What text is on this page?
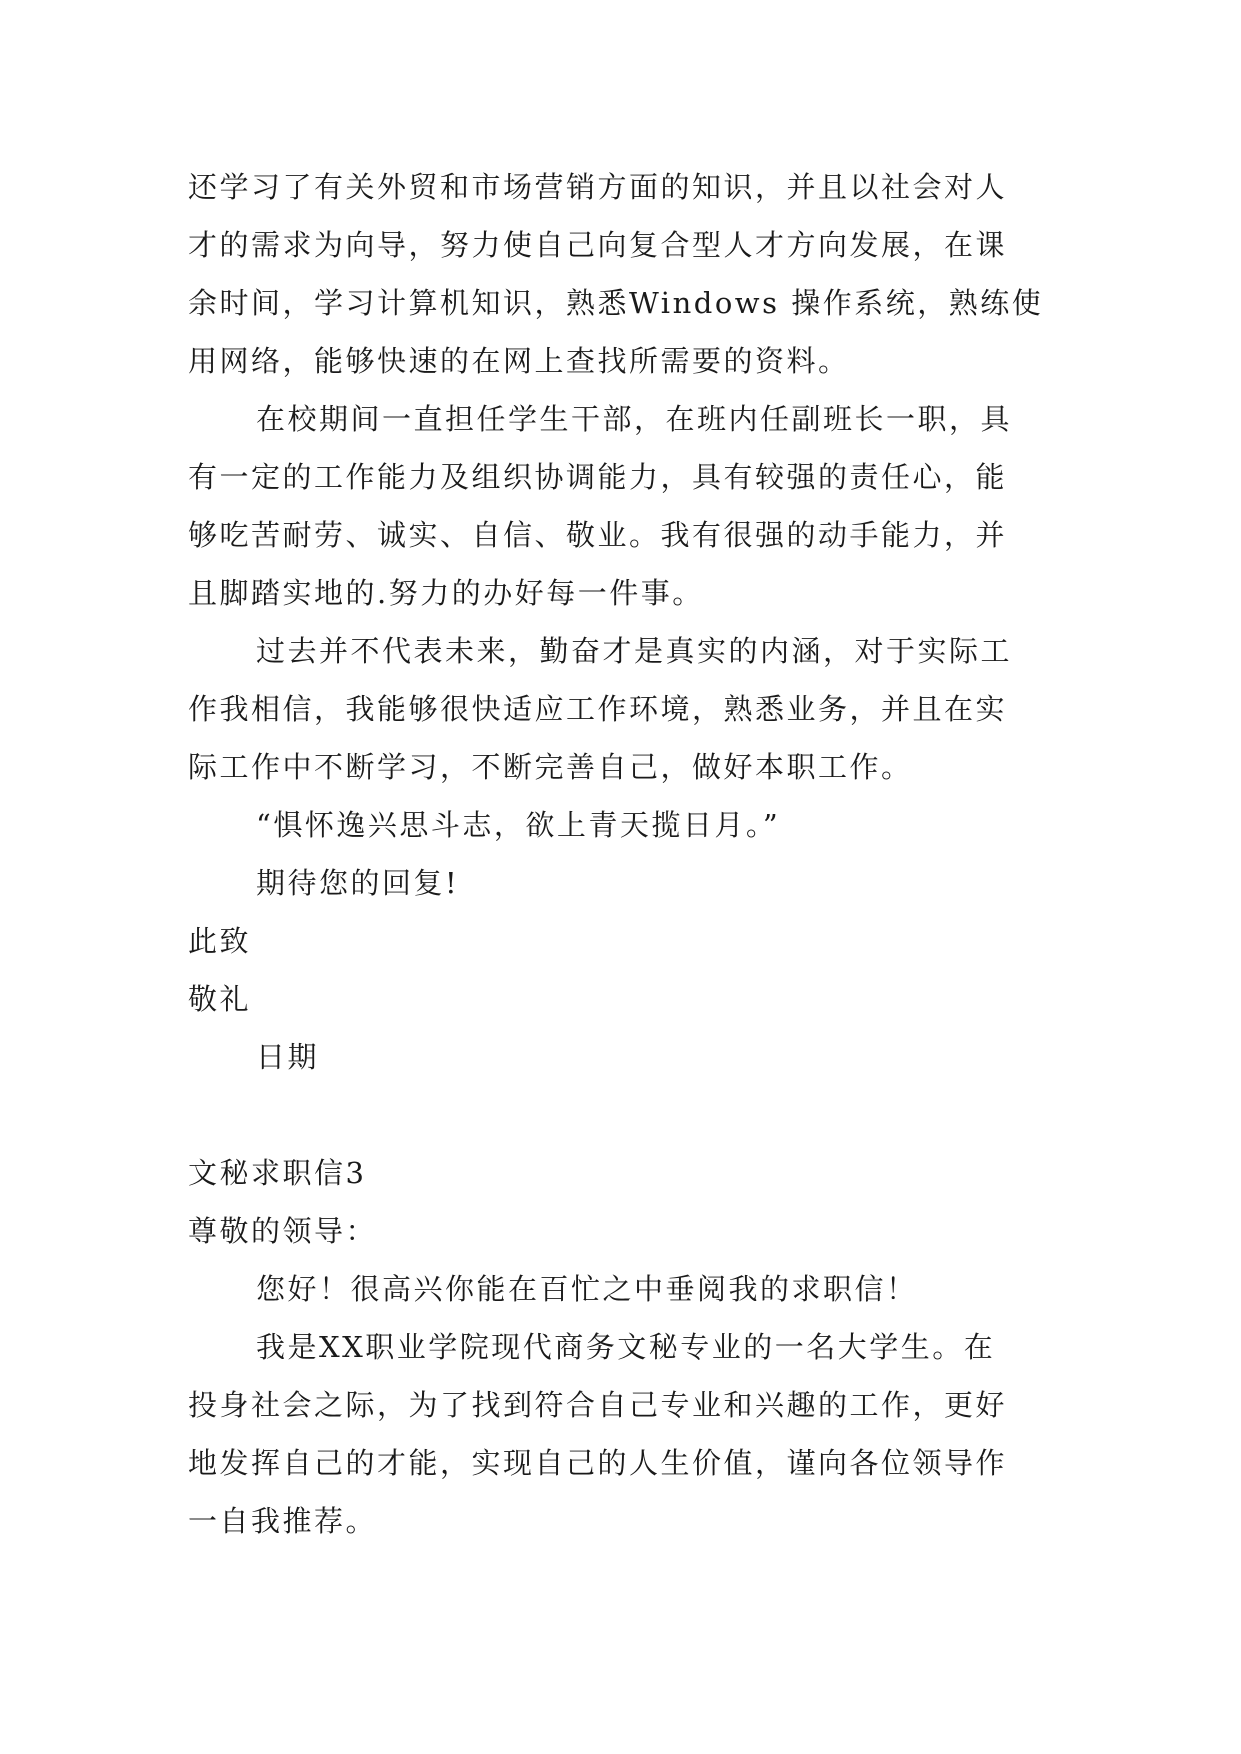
还学习了有关外贸和市场营销方面的知识，并且以社会对人
才的需求为向导，努力使自己向复合型人才方向发展，在课
余时间，学习计算机知识，熟悉Windows 操作系统，熟练使
用网络，能够快速的在网上查找所需要的资料。
在校期间一直担任学生干部，在班内任副班长一职，具
有一定的工作能力及组织协调能力，具有较强的责任心，能
够吃苦耐劳、诚实、自信、敬业。我有很强的动手能力，并
且脚踏实地的.努力的办好每一件事。
过去并不代表未来，勤奋才是真实的内涵，对于实际工
作我相信，我能够很快适应工作环境，熟悉业务，并且在实
际工作中不断学习，不断完善自己，做好本职工作。
“惧怀逸兴思斗志，欲上青天揽日月。”
期待您的回复!
此致
敬礼
日期
文秘求职信3
尊敬的领导：
您好！很高兴你能在百忙之中垂阅我的求职信！
我是XX职业学院现代商务文秘专业的一名大学生。在
投身社会之际，为了找到符合自己专业和兴趣的工作，更好
地发挥自己的才能，实现自己的人生价值，谨向各位领导作
一自我推荐。
